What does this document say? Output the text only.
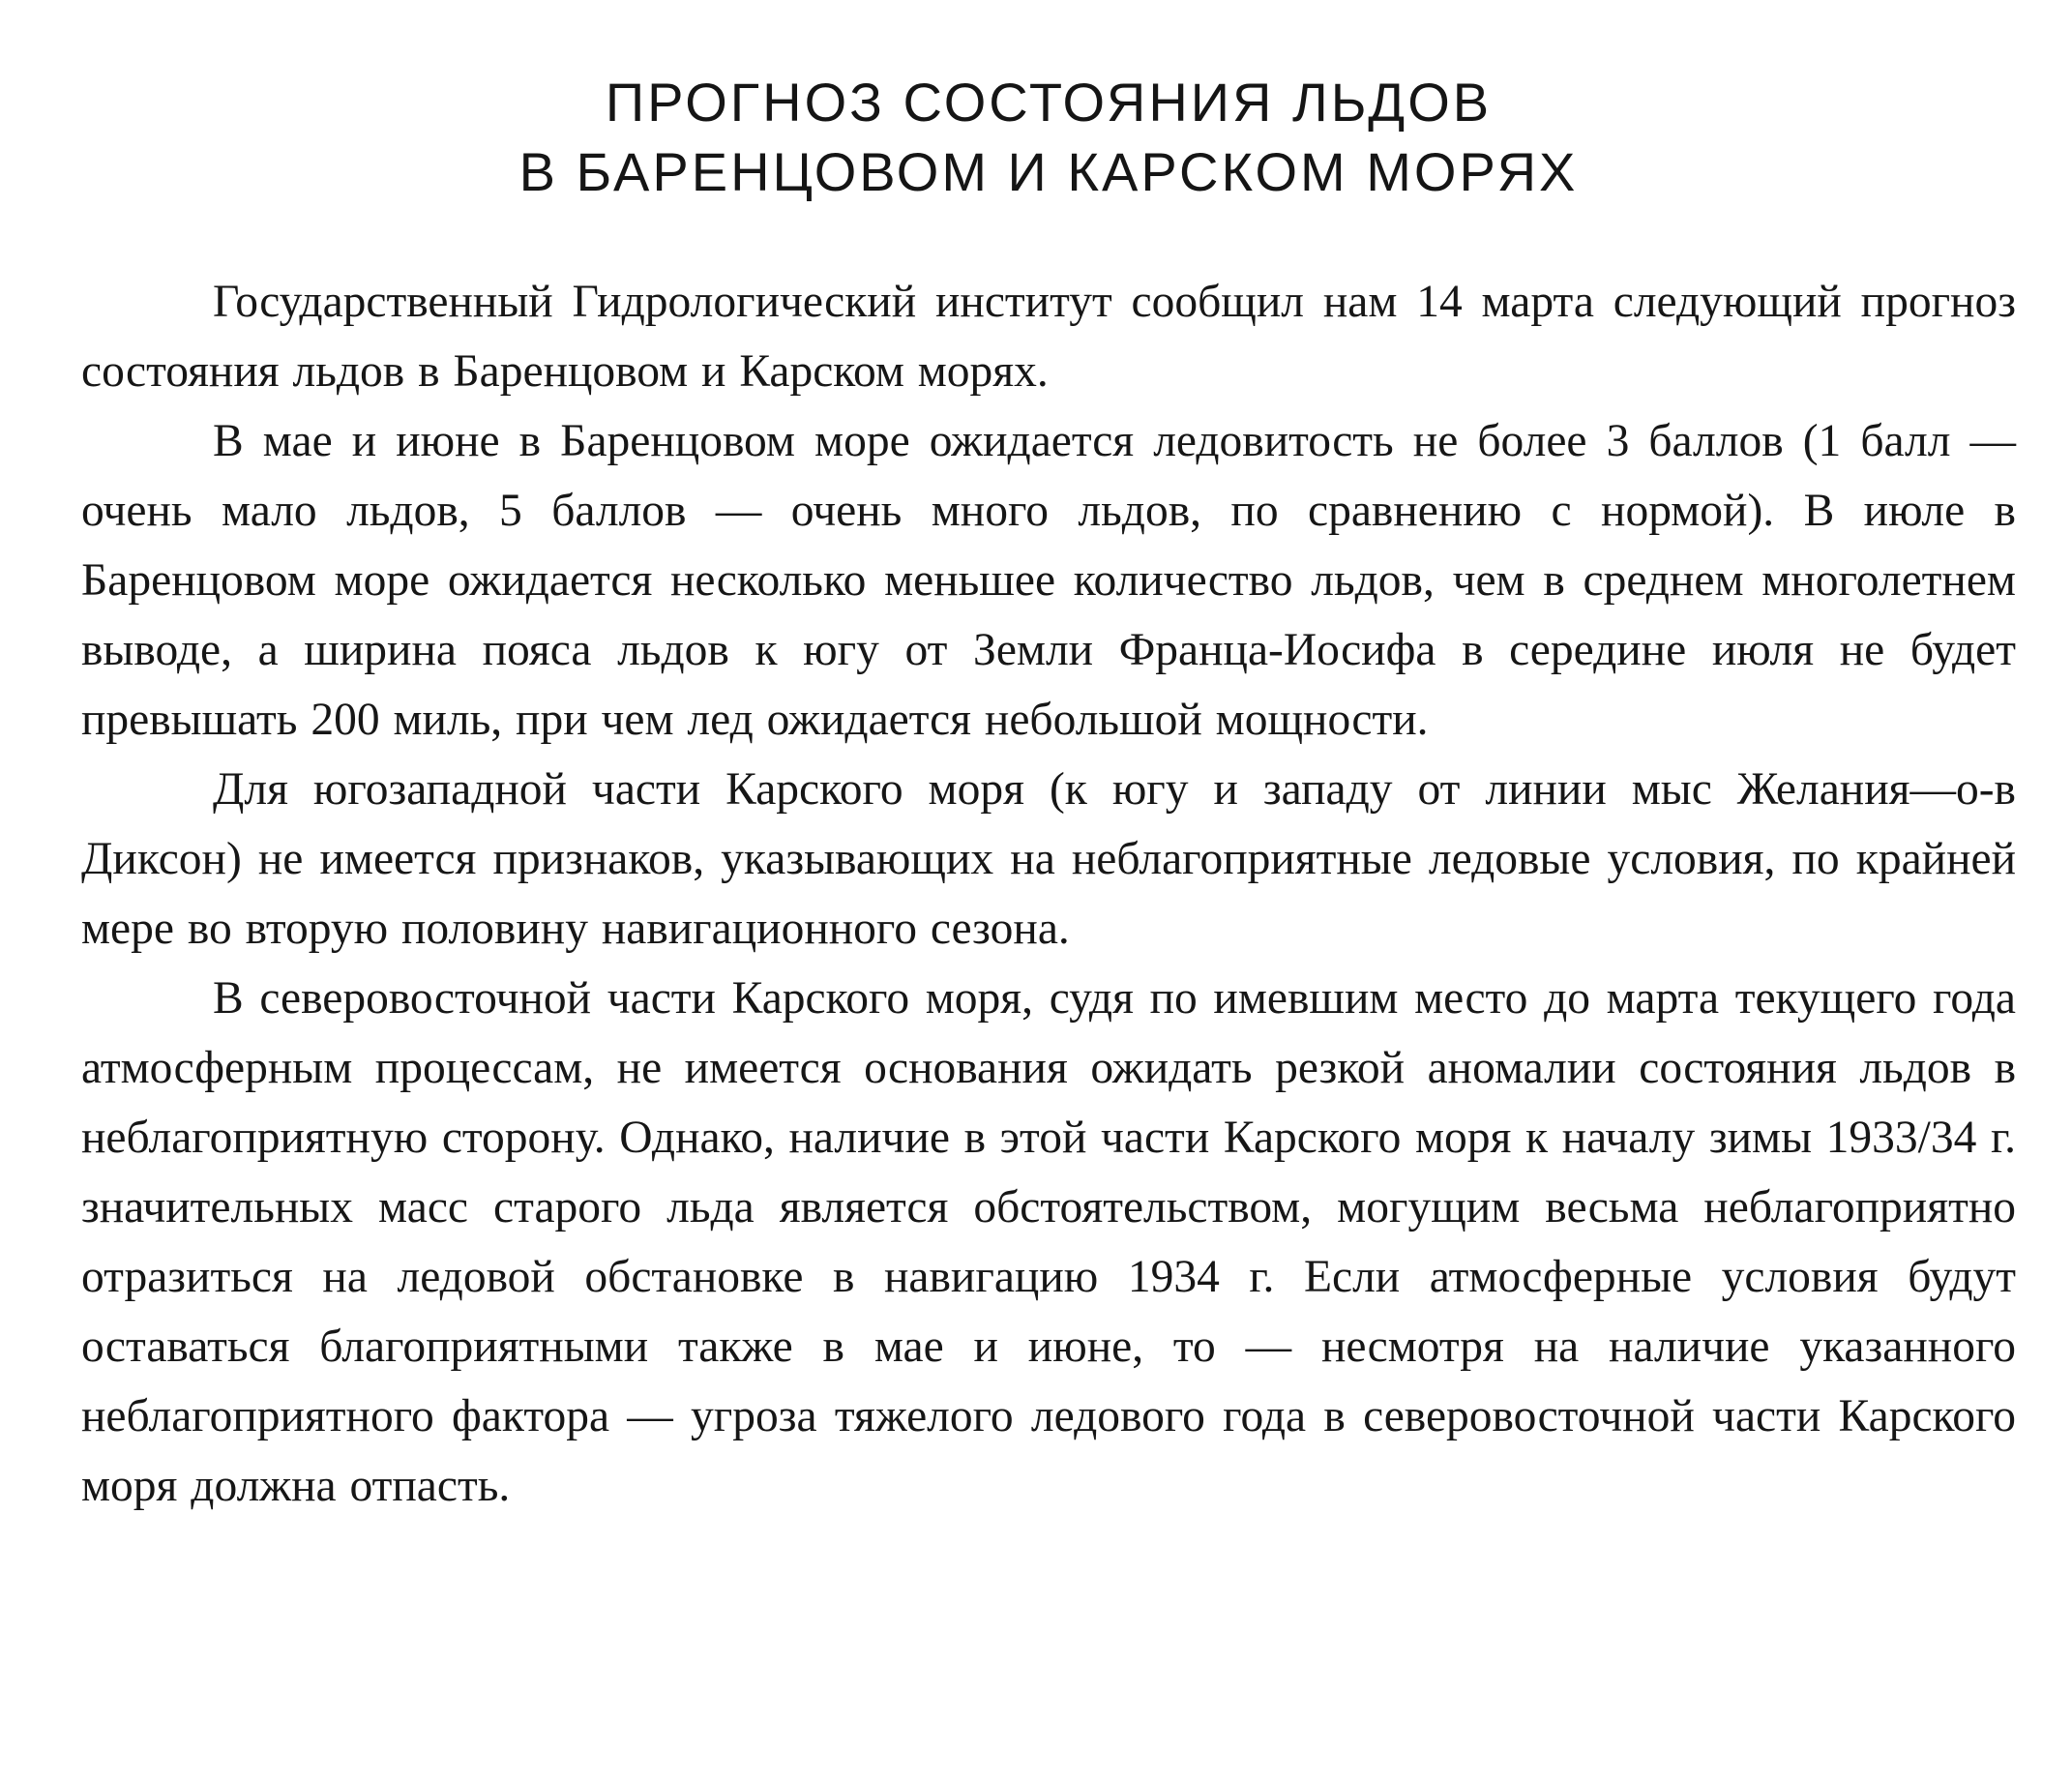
ПРОГНОЗ СОСТОЯНИЯ ЛЬДОВ
В БАРЕНЦОВОМ И КАРСКОМ МОРЯХ

Государственный Гидрологический институт сообщил нам 14 марта следующий прогноз состояния льдов в Баренцовом и Карском морях.

В мае и июне в Баренцовом море ожидается ледовитость не более 3 баллов (1 балл — очень мало льдов, 5 баллов — очень много льдов, по сравнению с нормой). В июле в Баренцовом море ожидается несколько меньшее количество льдов, чем в среднем многолетнем выводе, а ширина пояса льдов к югу от Земли Франца-Иосифа в середине июля не будет превышать 200 миль, при чем лед ожидается небольшой мощности.

Для югозападной части Карского моря (к югу и западу от линии мыс Желания—о-в Диксон) не имеется признаков, указывающих на неблагоприятные ледовые условия, по крайней мере во вторую половину навигационного сезона.

В северовосточной части Карского моря, судя по имевшим место до марта текущего года атмосферным процессам, не имеется основания ожидать резкой аномалии состояния льдов в неблагоприятную сторону. Однако, наличие в этой части Карского моря к началу зимы 1933/34 г. значительных масс старого льда является обстоятельством, могущим весьма неблагоприятно отразиться на ледовой обстановке в навигацию 1934 г. Если атмосферные условия будут оставаться благоприятными также в мае и июне, то — несмотря на наличие указанного неблагоприятного фактора — угроза тяжелого ледового года в северовосточной части Карского моря должна отпасть.
